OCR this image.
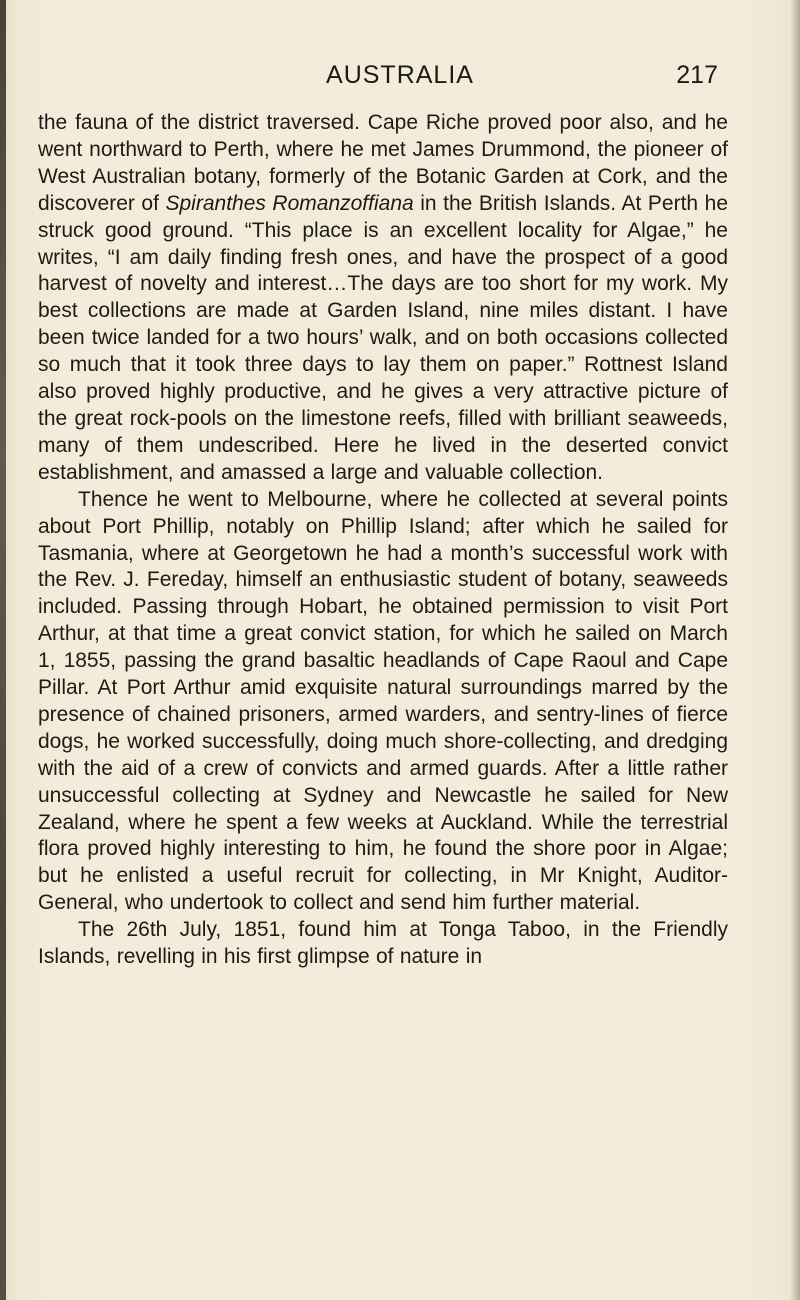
AUSTRALIA	217

the fauna of the district traversed. Cape Riche proved poor also, and he went northward to Perth, where he met James Drummond, the pioneer of West Australian botany, formerly of the Botanic Garden at Cork, and the discoverer of Spiranthes Romanzoffiana in the British Islands. At Perth he struck good ground. “This place is an excellent locality for Algae,” he writes, “I am daily finding fresh ones, and have the prospect of a good harvest of novelty and interest…The days are too short for my work. My best collections are made at Garden Island, nine miles distant. I have been twice landed for a two hours’ walk, and on both occasions collected so much that it took three days to lay them on paper.” Rottnest Island also proved highly productive, and he gives a very attractive picture of the great rock-pools on the limestone reefs, filled with brilliant seaweeds, many of them undescribed. Here he lived in the deserted convict establishment, and amassed a large and valuable collection.

Thence he went to Melbourne, where he collected at several points about Port Phillip, notably on Phillip Island; after which he sailed for Tasmania, where at Georgetown he had a month’s successful work with the Rev. J. Fereday, himself an enthusiastic student of botany, seaweeds included. Passing through Hobart, he obtained permission to visit Port Arthur, at that time a great convict station, for which he sailed on March 1, 1855, passing the grand basaltic headlands of Cape Raoul and Cape Pillar. At Port Arthur amid exquisite natural surroundings marred by the presence of chained prisoners, armed warders, and sentry-lines of fierce dogs, he worked successfully, doing much shore-collecting, and dredging with the aid of a crew of convicts and armed guards. After a little rather unsuccessful collecting at Sydney and Newcastle he sailed for New Zealand, where he spent a few weeks at Auckland. While the terrestrial flora proved highly interesting to him, he found the shore poor in Algae; but he enlisted a useful recruit for collecting, in Mr Knight, Auditor-General, who undertook to collect and send him further material.

The 26th July, 1851, found him at Tonga Taboo, in the Friendly Islands, revelling in his first glimpse of nature in
